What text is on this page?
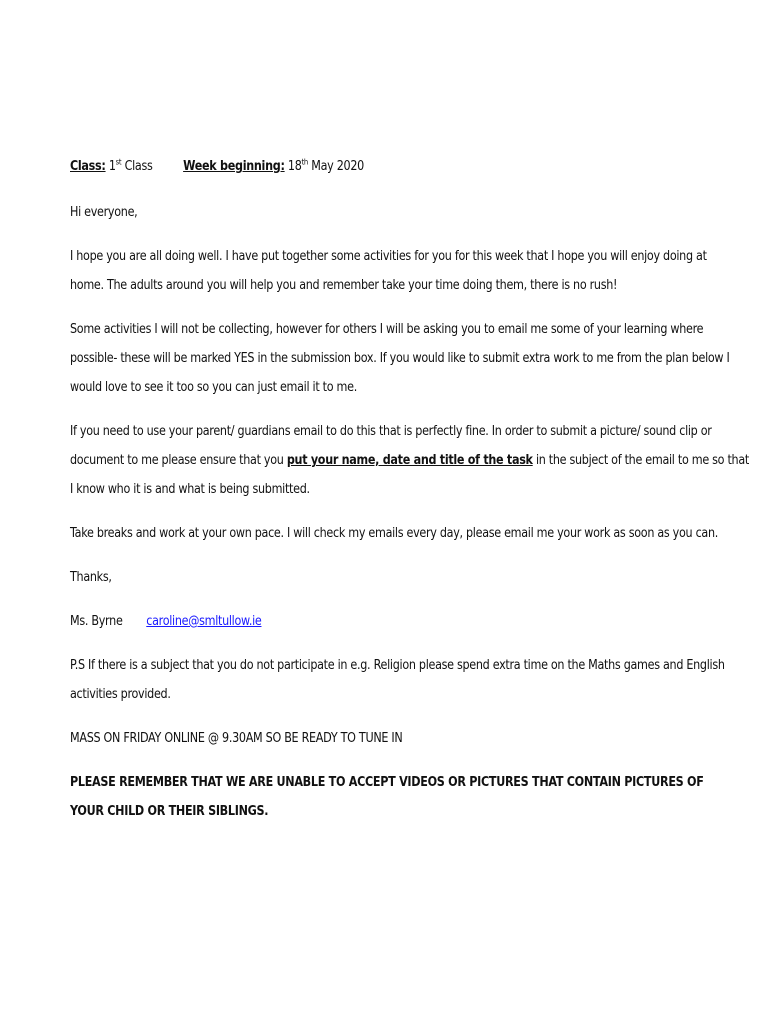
Class: 1st Class Week beginning: 18th May 2020

Hi everyone,

I hope you are all doing well. I have put together some activities for you for this week that I hope you will enjoy doing at

home. The adults around you will help you and remember take your time doing them, there is no rush!

Some activities I will not be collecting, however for others I will be asking you to email me some of your learning where

possible- these will be marked YES in the submission box. If you would like to submit extra work to me from the plan below I

would love to see it too so you can just email it to me.

If you need to use your parent/ guardians email to do this that is perfectly fine. In order to submit a picture/ sound clip or

document to me please ensure that you put your name, date and title of the task in the subject of the email to me so that

I know who it is and what is being submitted.

Take breaks and work at your own pace. I will check my emails every day, please email me your work as soon as you can.

Thanks,

Ms. Byrne caroline@smltullow.ie

P.S If there is a subject that you do not participate in e.g. Religion please spend extra time on the Maths games and English

activities provided.

MASS ON FRIDAY ONLINE @ 9.30AM SO BE READY TO TUNE IN

PLEASE REMEMBER THAT WE ARE UNABLE TO ACCEPT VIDEOS OR PICTURES THAT CONTAIN PICTURES OF

YOUR CHILD OR THEIR SIBLINGS.
